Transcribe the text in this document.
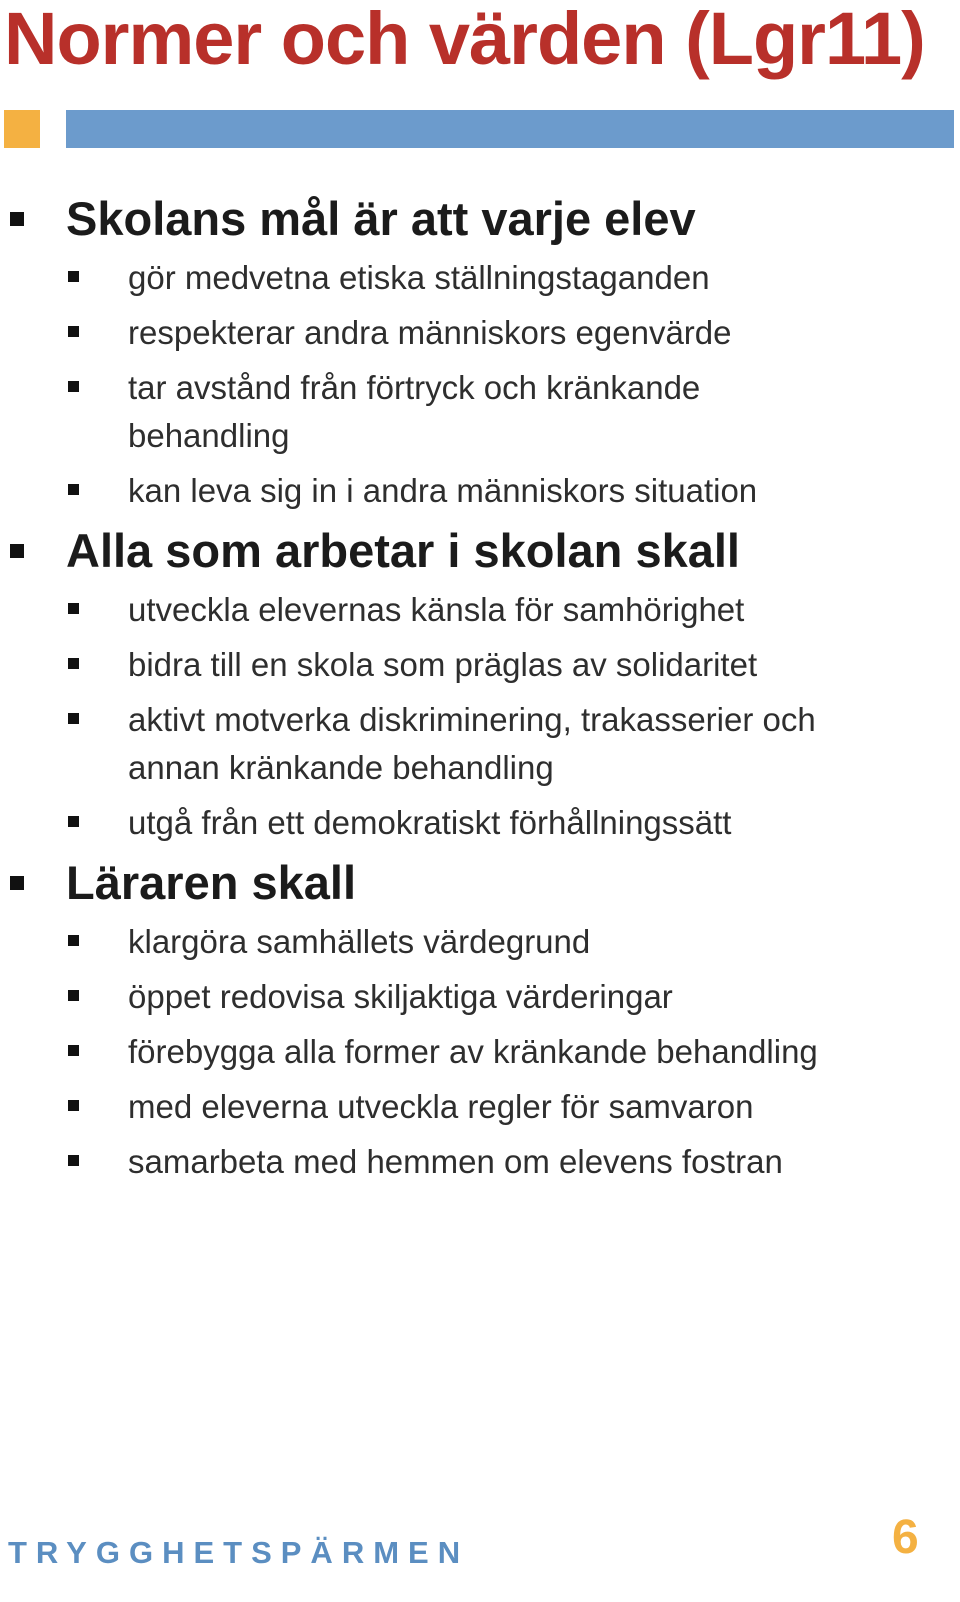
Normer och värden (Lgr11)

Skolans mål är att varje elev

gör medvetna etiska ställningstaganden

respekterar andra människors egenvärde

tar avstånd från förtryck och kränkande behandling

kan leva sig in i andra människors situation

Alla som arbetar i skolan skall

utveckla elevernas känsla för samhörighet

bidra till en skola som präglas av solidaritet

aktivt motverka diskriminering, trakasserier och annan kränkande behandling

utgå från ett demokratiskt förhållningssätt

Läraren skall

klargöra samhällets värdegrund

öppet redovisa skiljaktiga värderingar

förebygga alla former av kränkande behandling

med eleverna utveckla regler för samvaron

samarbeta med hemmen om elevens fostran

TRYGGHETSPÄRMEN	6
